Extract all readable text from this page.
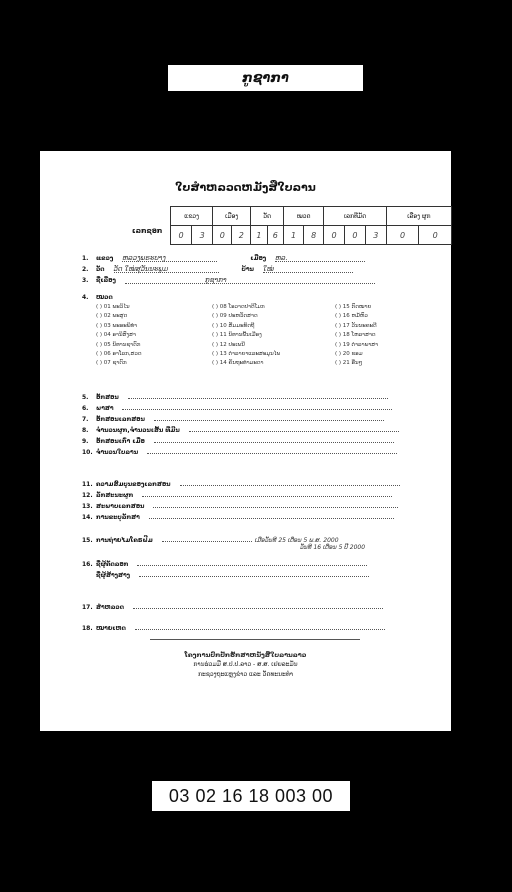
ກູຊາກາ
ໃບສຳຫລວດຫມັງສືໃບລານ
ເລກຊອກ
ແຂວງ		ເມືອງ		ວັດ		ໝວດ		ເລກທີມັດ			ເລືອງ ຜູກ	
0	3	0	2	1	6	1	8	0	0	3	0	0
1.	ແຂວງ ຫລວງພຣະບາງ	ເມືອງ ຫລ.
2.	ວັດ ວັດ ໃໝ່ສຸວັນນະພູມ	ບ້ານ ໃໝ່
3.	ຊື່ເລື່ອງ	ກູຊາກາ
4.	ໝວດ
( ) 01 ພະວິໄນ
( ) 02 ພະສູດ
( ) 03 ພະອະພິທຳ
( ) 04 ອານິສົງສາ
( ) 05 ນິທານຊາດົກ
( ) 06 ອາໂລກ,ສວດ
( ) 07 ຊາດົກ
( ) 08 ໂອວາດປາຕິໂມກ
( ) 09 ປະຫວັດສາດ
( ) 10 ສັມມະທິດຖີ
( ) 11 ນິທານພື້ນເມືອງ
( ) 12 ປະເພນີ
( ) 13 ຕຳລາຍາແລະສະມຸນໄພ
( ) 14 ຄັນຖະທຳມະດາ
( ) 15 ກົດໝາຍ
( ) 16 ຫມໍ້ຫົວ
( ) 17 ວັນນະຄະດີ
( ) 18 ໂຫລາສາດ
( ) 19 ຕຳລາພາສາ
( ) 20 ຂອມ
( ) 21 ອື່ນໆ
5.	ອັກສອນ
6.	ພາສາ
7.	ອັກສອນເລກສອນ
8.	ຈຳນວນຜູກ,ຈຳນວນເສັ້ນ ທີ່ມີນ
9.	ອັກສອນເກົ່າ ເມື່ອ
10. ຈຳນວນໃບລານ
11. ຄວາມສົມບູນຂອງເລກສອນ
12. ລັກສະນະຜູກ
13. ສະພາບເລກສອນ
14. ການຂະບຸລັກສາ
15. ການຖ່າຍໄມໂຄຣຟີມ	ເມື່ອວັນທີ 25 ເດືອນ 5 ພ.ສ. 2000
ວັນທີ 16 ເດືອນ 5 ປີ 2000
16. ຊື່ຜູ້ຄັດລອກ
ຊື່ຜູ້ສ້າງສາງ
17. ສຳຫລວດ
18. ໝາຍເຫດ
ໂຄງການປົກປັກຮັກສາຫນັງສືໃບລານລາວ
ການຮ່ວມມື ສ.ປ.ປ.ລາວ - ສ.ສ. ເຢຍລະມັນ
ກະຊວງຖະແຫຼງຂ່າວ ແລະ ວັດທະນະທຳ
03 02 16 18 003 00
